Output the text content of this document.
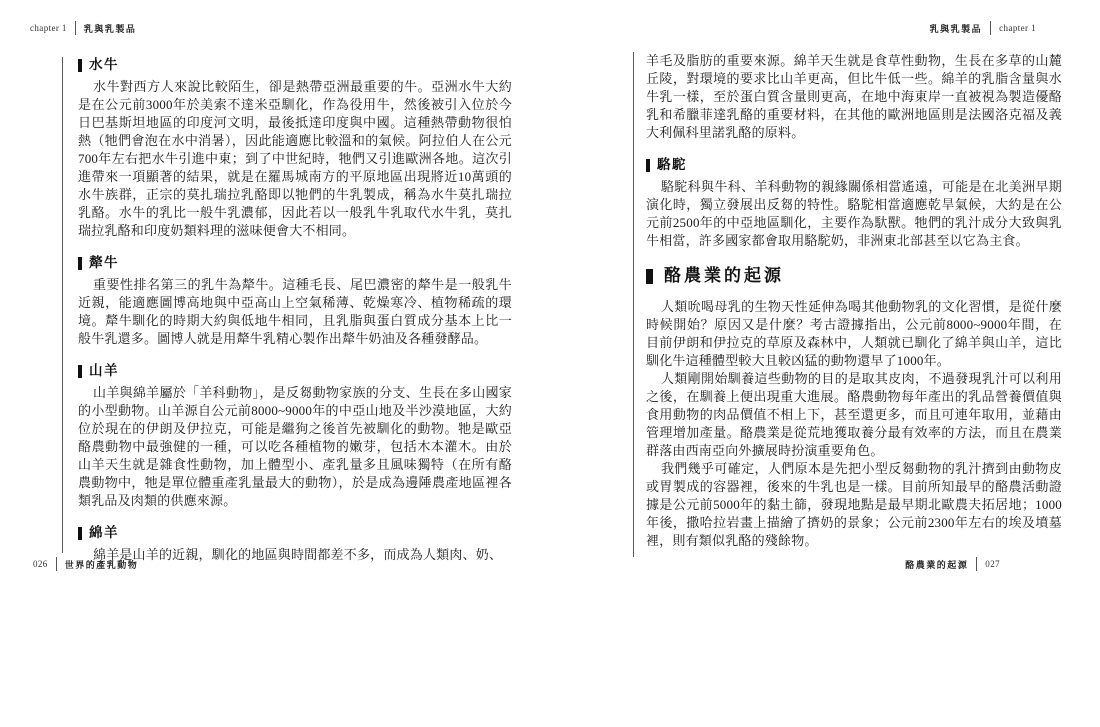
chapter 1 乳與乳製品	乳與乳製品 chapter 1
水牛

水牛對西方人來說比較陌生，卻是熱帶亞洲最重要的牛。亞洲水牛大約是在公元前3000年於美索不達米亞馴化，作為役用牛，然後被引入位於今日巴基斯坦地區的印度河文明，最後抵達印度與中國。這種熱帶動物很怕熱（牠們會泡在水中消暑），因此能適應比較溫和的氣候。阿拉伯人在公元700年左右把水牛引進中東；到了中世紀時，牠們又引進歐洲各地。這次引進帶來一項顯著的結果，就是在羅馬城南方的平原地區出現將近10萬頭的水牛族群，正宗的莫扎瑞拉乳酪即以牠們的牛乳製成，稱為水牛莫扎瑞拉乳酪。水牛的乳比一般牛乳濃郁，因此若以一般乳牛乳取代水牛乳，莫扎瑞拉乳酪和印度奶類料理的滋味便會大不相同。

犛牛

重要性排名第三的乳牛為犛牛。這種毛長、尾巴濃密的犛牛是一般乳牛近親，能適應圖博高地與中亞高山上空氣稀薄、乾燥寒冷、植物稀疏的環境。犛牛馴化的時期大約與低地牛相同，且乳脂與蛋白質成分基本上比一般牛乳還多。圖博人就是用犛牛乳精心製作出犛牛奶油及各種發酵品。

山羊

山羊與綿羊屬於「羊科動物」，是反芻動物家族的分支、生長在多山國家的小型動物。山羊源自公元前8000~9000年的中亞山地及半沙漠地區，大約位於現在的伊朗及伊拉克，可能是繼狗之後首先被馴化的動物。牠是歐亞酪農動物中最強健的一種，可以吃各種植物的嫩芽，包括木本灌木。由於山羊天生就是雜食性動物，加上體型小、產乳量多且風味獨特（在所有酪農動物中，牠是單位體重產乳量最大的動物），於是成為邊陲農產地區裡各類乳品及肉類的供應來源。

綿羊

綿羊是山羊的近親，馴化的地區與時間都差不多，而成為人類肉、奶、

羊毛及脂肪的重要來源。綿羊天生就是食草性動物，生長在多草的山麓丘陵，對環境的要求比山羊更高，但比牛低一些。綿羊的乳脂含量與水牛乳一樣，至於蛋白質含量則更高，在地中海東岸一直被視為製造優酪乳和希臘菲達乳酪的重要材料，在其他的歐洲地區則是法國洛克福及義大利佩科里諾乳酪的原料。

駱駝

駱駝科與牛科、羊科動物的親緣關係相當遙遠，可能是在北美洲早期演化時，獨立發展出反芻的特性。駱駝相當適應乾旱氣候，大約是在公元前2500年的中亞地區馴化，主要作為馱獸。牠們的乳汁成分大致與乳牛相當，許多國家都會取用駱駝奶，非洲東北部甚至以它為主食。

酪農業的起源

人類吮喝母乳的生物天性延伸為喝其他動物乳的文化習慣，是從什麼時候開始？原因又是什麼？考古證據指出，公元前8000~9000年間，在目前伊朗和伊拉克的草原及森林中，人類就已馴化了綿羊與山羊，這比馴化牛這種體型較大且較凶猛的動物還早了1000年。

人類剛開始馴養這些動物的目的是取其皮肉，不過發現乳汁可以利用之後，在馴養上便出現重大進展。酪農動物每年產出的乳品營養價值與食用動物的肉品價值不相上下，甚至還更多，而且可連年取用，並藉由管理增加產量。酪農業是從荒地獲取養分最有效率的方法，而且在農業群落由西南亞向外擴展時扮演重要角色。

我們幾乎可確定，人們原本是先把小型反芻動物的乳汁擠到由動物皮或胃製成的容器裡，後來的牛乳也是一樣。目前所知最早的酪農活動證據是公元前5000年的黏土篩，發現地點是最早期北歐農夫拓居地；1000年後，撒哈拉岩畫上描繪了擠奶的景象；公元前2300年左右的埃及墳墓裡，則有類似乳酪的殘餘物。

026 世界的產乳動物	酪農業的起源 027
